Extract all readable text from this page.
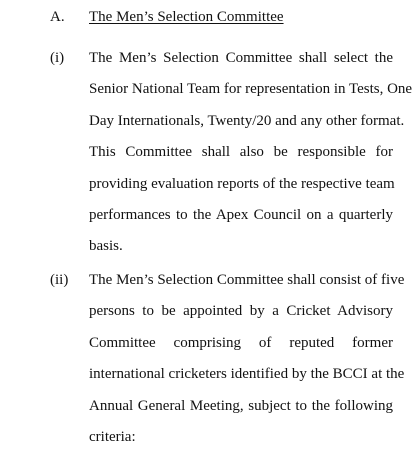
A. The Men’s Selection Committee
(i) The Men’s Selection Committee shall select the
Senior National Team for representation in Tests, One
Day Internationals, Twenty/20 and any other format.
This Committee shall also be responsible for
providing evaluation reports of the respective team
performances to the Apex Council on a quarterly
basis.
(ii) The Men’s Selection Committee shall consist of five
persons to be appointed by a Cricket Advisory
Committee comprising of reputed former
international cricketers identified by the BCCI at the
Annual General Meeting, subject to the following
criteria:
